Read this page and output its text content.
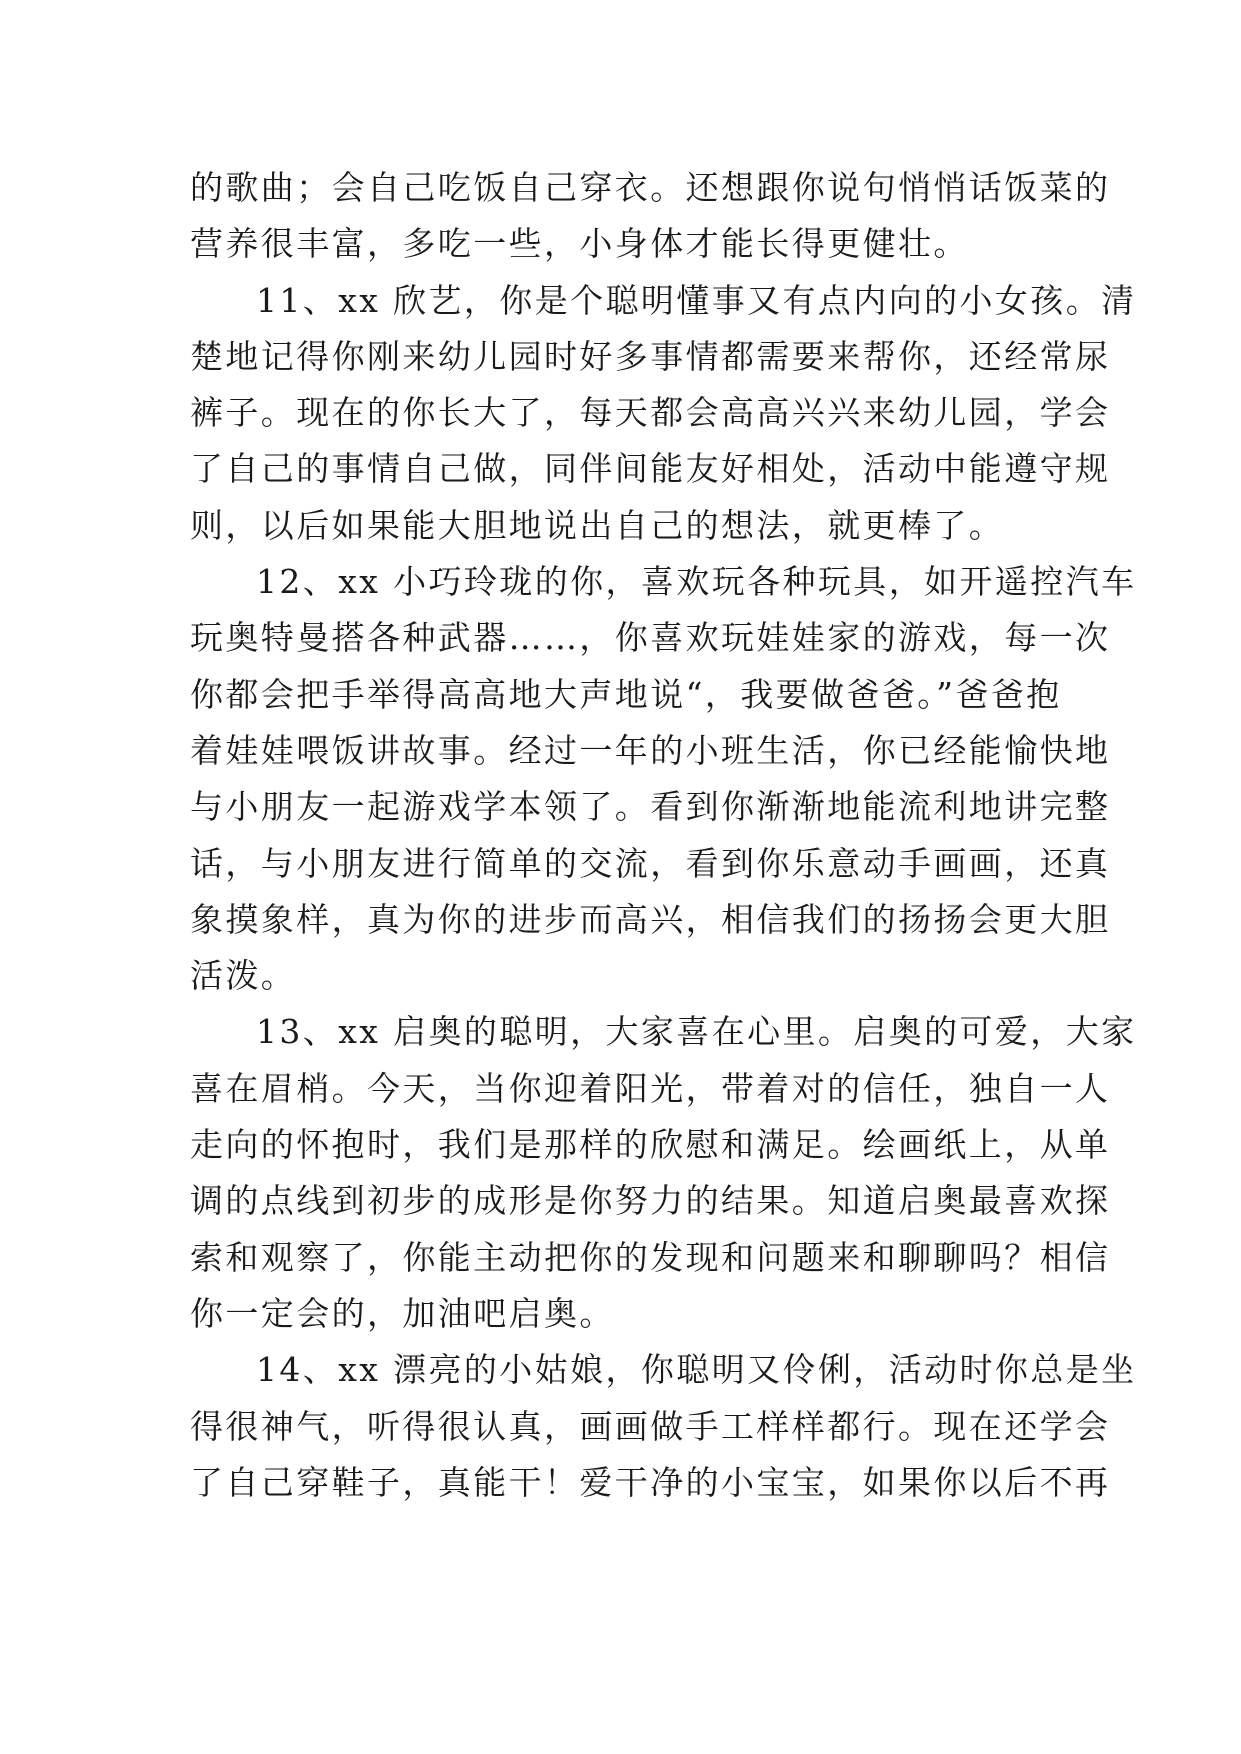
的歌曲；会自己吃饭自己穿衣。还想跟你说句悄悄话饭菜的
营养很丰富，多吃一些，小身体才能长得更健壮。
11、xx 欣艺，你是个聪明懂事又有点内向的小女孩。清
楚地记得你刚来幼儿园时好多事情都需要来帮你，还经常尿
裤子。现在的你长大了，每天都会高高兴兴来幼儿园，学会
了自己的事情自己做，同伴间能友好相处，活动中能遵守规
则，以后如果能大胆地说出自己的想法，就更棒了。
12、xx 小巧玲珑的你，喜欢玩各种玩具，如开遥控汽车
玩奥特曼搭各种武器……，你喜欢玩娃娃家的游戏，每一次
你都会把手举得高高地大声地说“，我要做爸爸。”爸爸抱
着娃娃喂饭讲故事。经过一年的小班生活，你已经能愉快地
与小朋友一起游戏学本领了。看到你渐渐地能流利地讲完整
话，与小朋友进行简单的交流，看到你乐意动手画画，还真
象摸象样，真为你的进步而高兴，相信我们的扬扬会更大胆
活泼。
13、xx 启奥的聪明，大家喜在心里。启奥的可爱，大家
喜在眉梢。今天，当你迎着阳光，带着对的信任，独自一人
走向的怀抱时，我们是那样的欣慰和满足。绘画纸上，从单
调的点线到初步的成形是你努力的结果。知道启奥最喜欢探
索和观察了，你能主动把你的发现和问题来和聊聊吗？相信
你一定会的，加油吧启奥。
14、xx 漂亮的小姑娘，你聪明又伶俐，活动时你总是坐
得很神气，听得很认真，画画做手工样样都行。现在还学会
了自己穿鞋子，真能干！爱干净的小宝宝，如果你以后不再
